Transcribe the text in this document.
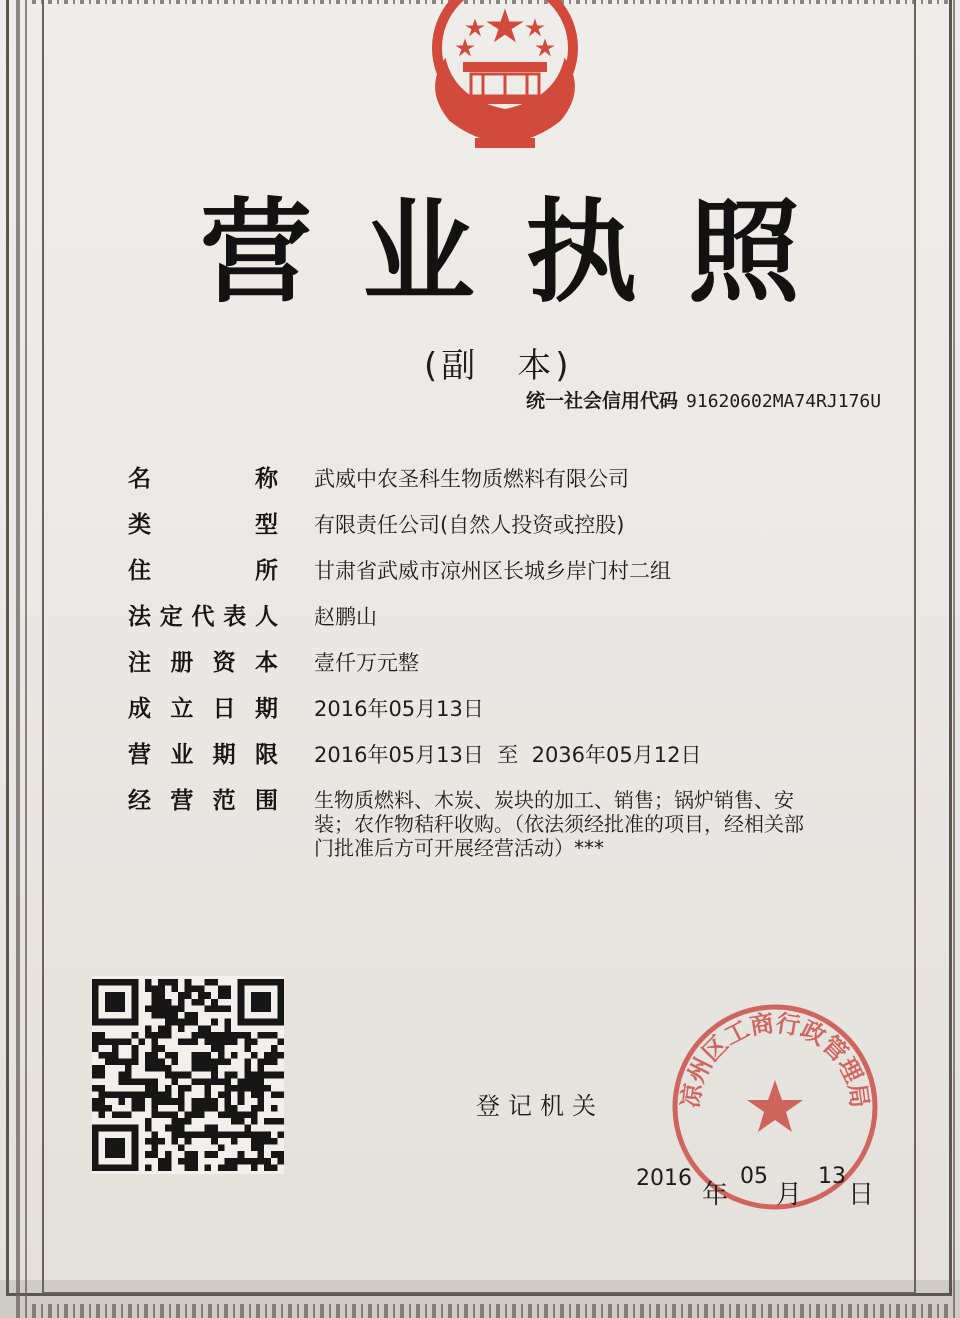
营 业 执 照
(副　本)
统一社会信用代码 91620602MA74RJ176U
名	称 武威中农圣科生物质燃料有限公司
类	型 有限责任公司(自然人投资或控股)
住	所 甘肃省武威市凉州区长城乡岸门村二组
法 定 代 表 人 赵鹏山
注 册 资 本 壹仟万元整
成 立 日 期 2016年05月13日
营 业 期 限 2016年05月13日  至  2036年05月12日
经 营 范 围 生物质燃料、木炭、炭块的加工、销售；锅炉销售、安
装；农作物秸秆收购。（依法须经批准的项目，经相关部
门批准后方可开展经营活动）***
登记机关	凉州区工商行政管理局
2016
年
05
月
13
日
